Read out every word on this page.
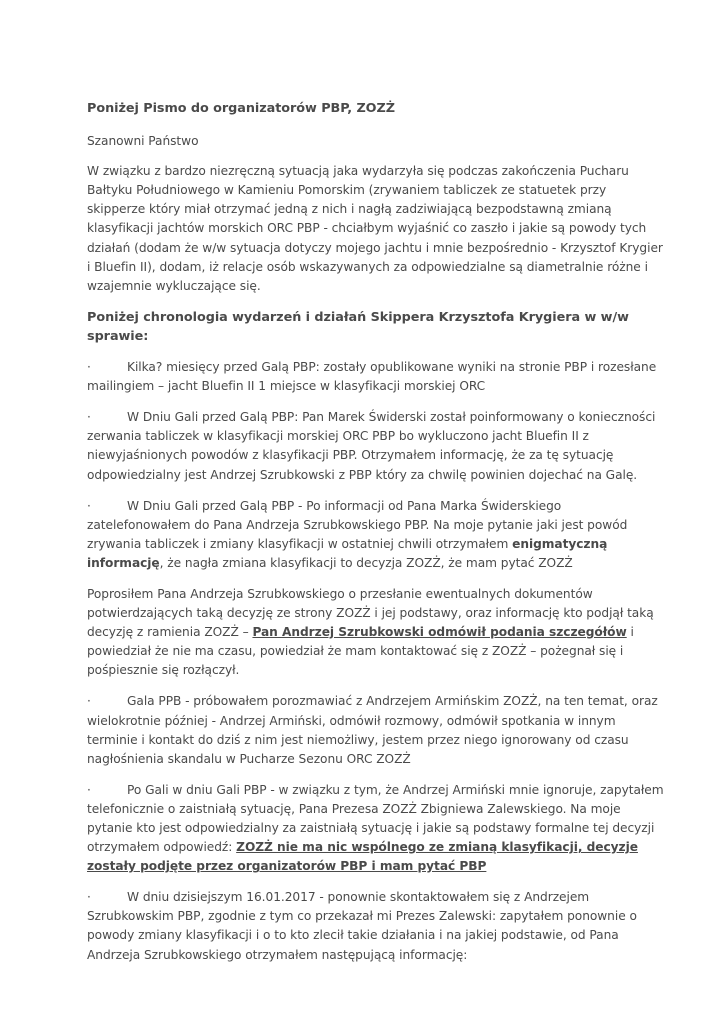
Poniżej Pismo do organizatorów PBP, ZOZŻ

Szanowni Państwo

W związku z bardzo niezręczną sytuacją jaka wydarzyła się podczas zakończenia Pucharu Bałtyku Południowego w Kamieniu Pomorskim (zrywaniem tabliczek ze statuetek przy skipperze który miał otrzymać jedną z nich i nagłą zadziwiającą bezpodstawną zmianą klasyfikacji jachtów morskich ORC PBP - chciałbym wyjaśnić co zaszło i jakie są powody tych działań (dodam że w/w sytuacja dotyczy mojego jachtu i mnie bezpośrednio - Krzysztof Krygier i Bluefin II), dodam, iż relacje osób wskazywanych za odpowiedzialne są diametralnie różne i wzajemnie wykluczające się.

Poniżej chronologia wydarzeń i działań Skippera Krzysztofa Krygiera w w/w sprawie:

·	Kilka? miesięcy przed Galą PBP: zostały opublikowane wyniki na stronie PBP i rozesłane mailingiem – jacht Bluefin II 1 miejsce w klasyfikacji morskiej ORC

·	W Dniu Gali przed Galą PBP: Pan Marek Świderski został poinformowany o konieczności zerwania tabliczek w klasyfikacji morskiej ORC PBP bo wykluczono jacht Bluefin II z niewyjaśnionych powodów z klasyfikacji PBP. Otrzymałem informację, że za tę sytuację odpowiedzialny jest Andrzej Szrubkowski z PBP który za chwilę powinien dojechać na Galę.

·	W Dniu Gali przed Galą PBP - Po informacji od Pana Marka Świderskiego zatelefonowałem do Pana Andrzeja Szrubkowskiego PBP. Na moje pytanie jaki jest powód zrywania tabliczek i zmiany klasyfikacji w ostatniej chwili otrzymałem enigmatyczną informację, że nagła zmiana klasyfikacji to decyzja ZOZŻ, że mam pytać ZOZŻ

Poprosiłem Pana Andrzeja Szrubkowskiego o przesłanie ewentualnych dokumentów potwierdzających taką decyzję ze strony ZOZŻ i jej podstawy, oraz informację kto podjął taką decyzję z ramienia ZOZŻ – Pan Andrzej Szrubkowski odmówił podania szczegółów i powiedział że nie ma czasu, powiedział że mam kontaktować się z ZOZŻ – pożegnał się i pośpiesznie się rozłączył.

·	Gala PPB - próbowałem porozmawiać z Andrzejem Armińskim ZOZŻ, na ten temat, oraz wielokrotnie później - Andrzej Armiński, odmówił rozmowy, odmówił spotkania w innym terminie i kontakt do dziś z nim jest niemożliwy, jestem przez niego ignorowany od czasu nagłośnienia skandalu w Pucharze Sezonu ORC ZOZŻ

·	Po Gali w dniu Gali PBP - w związku z tym, że Andrzej Armiński mnie ignoruje, zapytałem telefonicznie o zaistniałą sytuację, Pana Prezesa ZOZŻ Zbigniewa Zalewskiego. Na moje pytanie kto jest odpowiedzialny za zaistniałą sytuację i jakie są podstawy formalne tej decyzji otrzymałem odpowiedź: ZOZŻ nie ma nic wspólnego ze zmianą klasyfikacji, decyzje zostały podjęte przez organizatorów PBP i mam pytać PBP

·	W dniu dzisiejszym 16.01.2017 - ponownie skontaktowałem się z Andrzejem Szrubkowskim PBP, zgodnie z tym co przekazał mi Prezes Zalewski: zapytałem ponownie o powody zmiany klasyfikacji i o to kto zlecił takie działania i na jakiej podstawie, od Pana Andrzeja Szrubkowskiego otrzymałem następującą informację:
